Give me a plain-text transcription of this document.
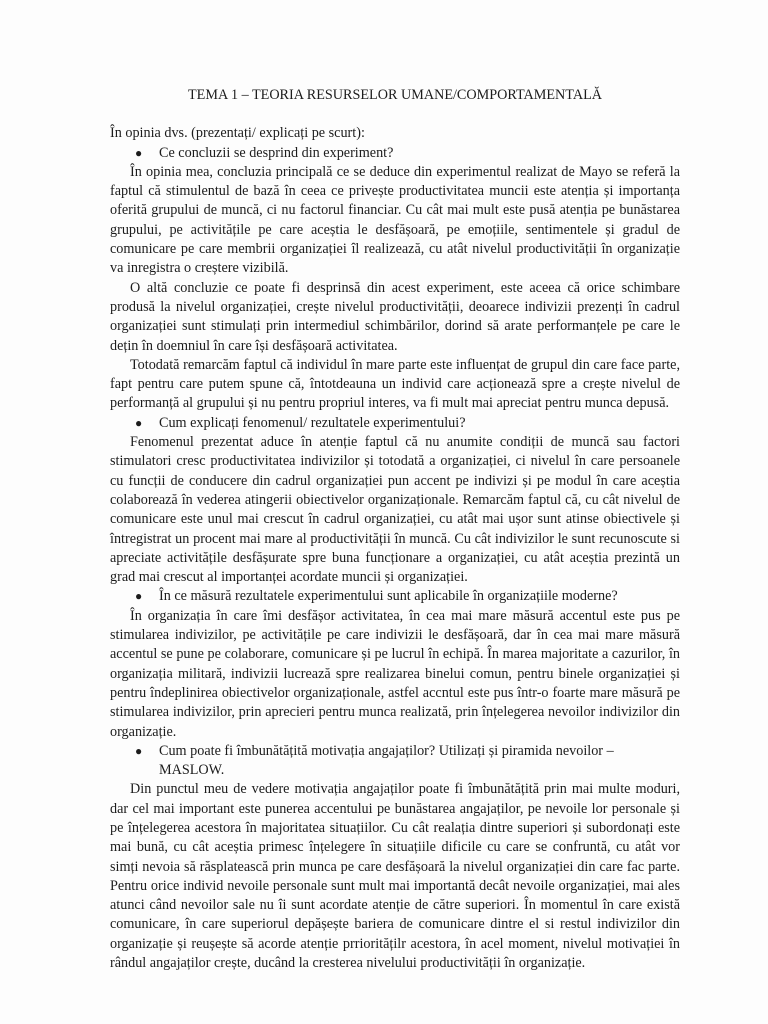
TEMA 1 – TEORIA RESURSELOR UMANE/COMPORTAMENTALĂ

În opinia dvs. (prezentați/ explicați pe scurt):

●	Ce concluzii se desprind din experiment?

În opinia mea, concluzia principală ce se deduce din experimentul realizat de Mayo se referă la faptul că stimulentul de bază în ceea ce privește productivitatea muncii este atenția și importanța oferită grupului de muncă, ci nu factorul financiar. Cu cât mai mult este pusă atenția pe bunăstarea grupului, pe activitățile pe care aceștia le desfășoară, pe emoțiile, sentimentele și gradul de comunicare pe care membrii organizației îl realizează, cu atât nivelul productivității în organizație va inregistra o creștere vizibilă.

O altă concluzie ce poate fi desprinsă din acest experiment, este aceea că orice schimbare produsă la nivelul organizației, crește nivelul productivității, deoarece indivizii prezenți în cadrul organizației sunt stimulați prin intermediul schimbărilor, dorind să arate performanțele pe care le dețin în doemniul în care își desfășoară activitatea.

Totodată remarcăm faptul că individul în mare parte este influențat de grupul din care face parte, fapt pentru care putem spune că, întotdeauna un individ care acționează spre a crește nivelul de performanță al grupului și nu pentru propriul interes, va fi mult mai apreciat pentru munca depusă.

●	Cum explicați fenomenul/ rezultatele experimentului?

Fenomenul prezentat aduce în atenție faptul că nu anumite condiții de muncă sau factori stimulatori cresc productivitatea indivizilor și totodată a organizației, ci nivelul în care persoanele cu funcții de conducere din cadrul organizației pun accent pe indivizi și pe modul în care aceștia colaborează în vederea atingerii obiectivelor organizaționale. Remarcăm faptul că, cu cât nivelul de comunicare este unul mai crescut în cadrul organizației, cu atât mai ușor sunt atinse obiectivele și întregistrat un procent mai mare al productivității în muncă. Cu cât indivizilor le sunt recunoscute si apreciate activitățile desfășurate spre buna funcționare a organizației, cu atât aceștia prezintă un grad mai crescut al importanței acordate muncii și organizației.

●	În ce măsură rezultatele experimentului sunt aplicabile în organizațiile moderne?

În organizația în care îmi desfășor activitatea, în cea mai mare măsură accentul este pus pe stimularea indivizilor, pe activitățile pe care indivizii le desfășoară, dar în cea mai mare măsură accentul se pune pe colaborare, comunicare și pe lucrul în echipă. În marea majoritate a cazurilor, în organizația militară, indivizii lucrează spre realizarea binelui comun, pentru binele organizației și pentru îndeplinirea obiectivelor organizaționale, astfel accntul este pus într-o foarte mare măsură pe stimularea indivizilor, prin aprecieri pentru munca realizată, prin înțelegerea nevoilor indivizilor din organizație.

●	Cum poate fi îmbunătățită motivația angajaților? Utilizați și piramida nevoilor – MASLOW.

Din punctul meu de vedere motivația angajaților poate fi îmbunătățită prin mai multe moduri, dar cel mai important este punerea accentului pe bunăstarea angajaților, pe nevoile lor personale și pe înțelegerea acestora în majoritatea situațiilor. Cu cât realația dintre superiori și subordonați este mai bună, cu cât aceștia primesc înțelegere în situațiile dificile cu care se confruntă, cu atât vor simți nevoia să răsplatească prin munca pe care desfășoară la nivelul organizației din care fac parte. Pentru orice individ nevoile personale sunt mult mai importantă decât nevoile organizației, mai ales atunci când nevoilor sale nu îi sunt acordate atenție de către superiori. În momentul în care există comunicare, în care superiorul depășește bariera de comunicare dintre el si restul indivizilor din organizație și reușește să acorde atenție prrioritățilr acestora, în acel moment, nivelul motivației în rândul angajaților crește, ducând la cresterea nivelului productivității în organizație.
